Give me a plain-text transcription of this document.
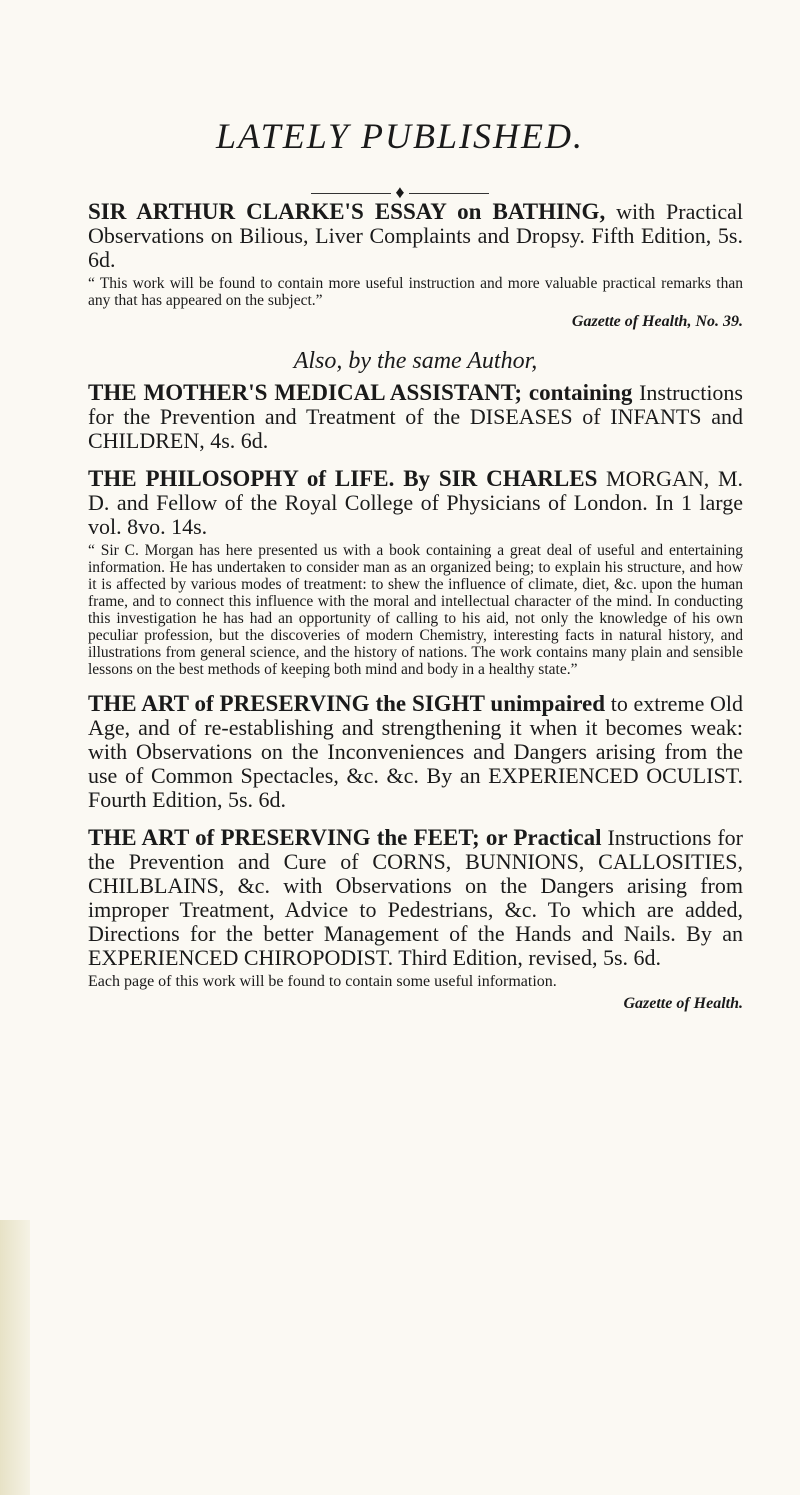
LATELY PUBLISHED.
♦
SIR ARTHUR CLARKE'S ESSAY on BATHING, with Practical Observations on Bilious, Liver Complaints and Dropsy. Fifth Edition, 5s. 6d.
“ This work will be found to contain more useful instruction and more valuable practical remarks than any that has appeared on the subject.”
Gazette of Health, No. 39.
Also, by the same Author,
THE MOTHER'S MEDICAL ASSISTANT; containing Instructions for the Prevention and Treatment of the DISEASES of INFANTS and CHILDREN, 4s. 6d.
THE PHILOSOPHY of LIFE. By SIR CHARLES MORGAN, M. D. and Fellow of the Royal College of Physicians of London. In 1 large vol. 8vo. 14s.
“ Sir C. Morgan has here presented us with a book containing a great deal of useful and entertaining information. He has undertaken to consider man as an organized being; to explain his structure, and how it is affected by various modes of treatment: to shew the influence of climate, diet, &c. upon the human frame, and to connect this influence with the moral and intellectual character of the mind. In conducting this investigation he has had an opportunity of calling to his aid, not only the knowledge of his own peculiar profession, but the discoveries of modern Chemistry, interesting facts in natural history, and illustrations from general science, and the history of nations. The work contains many plain and sensible lessons on the best methods of keeping both mind and body in a healthy state.”
THE ART of PRESERVING the SIGHT unimpaired to extreme Old Age, and of re-establishing and strengthening it when it becomes weak: with Observations on the Inconveniences and Dangers arising from the use of Common Spectacles, &c. &c. By an EXPERIENCED OCULIST. Fourth Edition, 5s. 6d.
THE ART of PRESERVING the FEET; or Practical Instructions for the Prevention and Cure of CORNS, BUNNIONS, CALLOSITIES, CHILBLAINS, &c. with Observations on the Dangers arising from improper Treatment, Advice to Pedestrians, &c. To which are added, Directions for the better Management of the Hands and Nails. By an EXPERIENCED CHIROPODIST. Third Edition, revised, 5s. 6d.
Each page of this work will be found to contain some useful information.
Gazette of Health.
